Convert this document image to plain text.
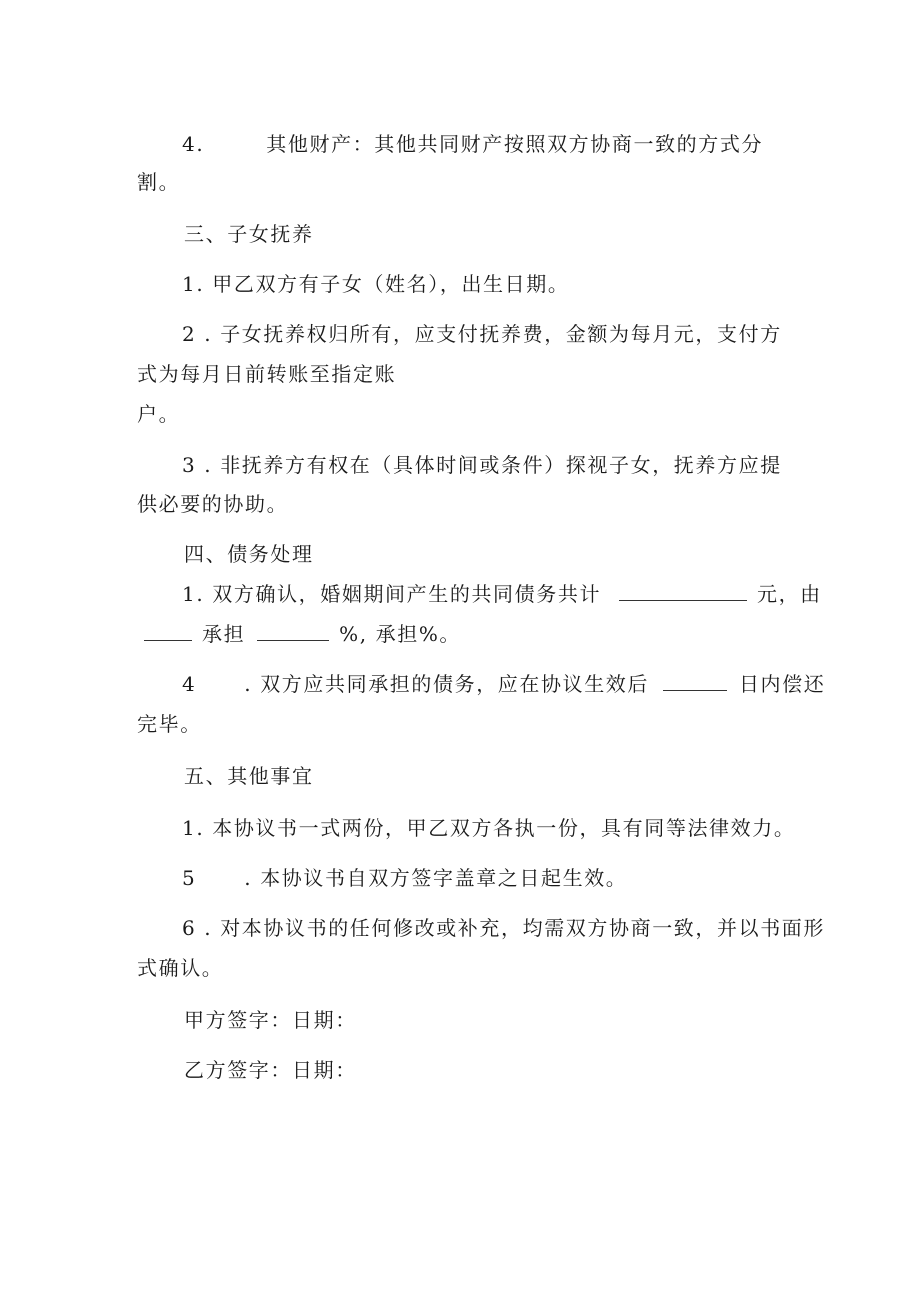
4.	其他财产：其他共同财产按照双方协商一致的方式分
割。
三、子女抚养
1. 甲乙双方有子女（姓名），出生日期。
2 . 子女抚养权归所有，应支付抚养费，金额为每月元，支付方
式为每月日前转账至指定账
户。
3 . 非抚养方有权在（具体时间或条件）探视子女，抚养方应提
供必要的协助。
四、债务处理
1. 双方确认，婚姻期间产生的共同债务共计	元，由
承担	%, 承担%。
4 . 双方应共同承担的债务，应在协议生效后	日内偿还
完毕。
五、其他事宜
1. 本协议书一式两份，甲乙双方各执一份，具有同等法律效力。
5 . 本协议书自双方签字盖章之日起生效。
6 . 对本协议书的任何修改或补充，均需双方协商一致，并以书面形
式确认。
甲方签字：日期：
乙方签字：日期：
